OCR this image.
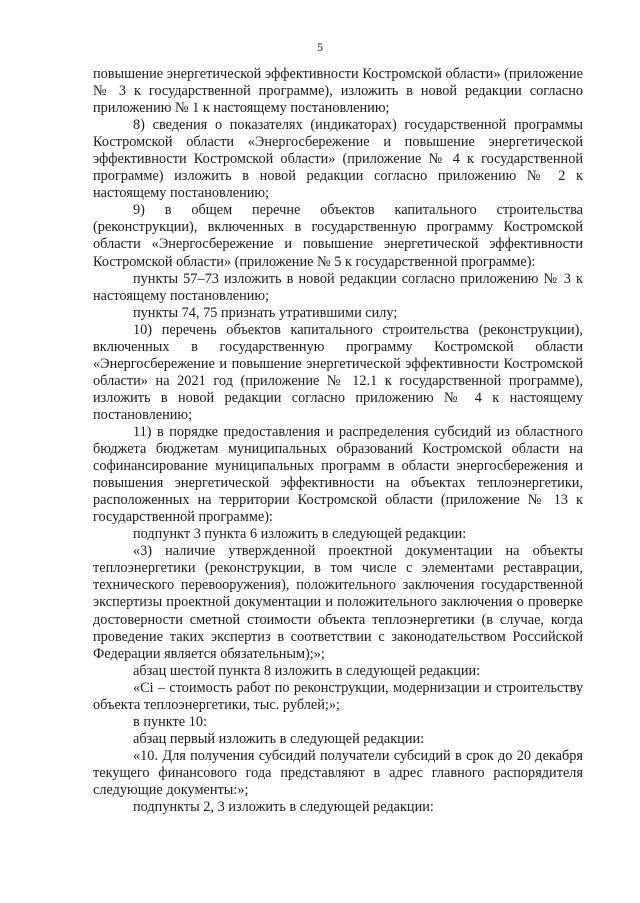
5

повышение энергетической эффективности Костромской области» (приложение № 3 к государственной программе), изложить в новой редакции согласно приложению № 1 к настоящему постановлению;

8) сведения о показателях (индикаторах) государственной программы Костромской области «Энергосбережение и повышение энергетической эффективности Костромской области» (приложение № 4 к государственной программе) изложить в новой редакции согласно приложению № 2 к настоящему постановлению;

9) в общем перечне объектов капитального строительства (реконструкции), включенных в государственную программу Костромской области «Энергосбережение и повышение энергетической эффективности Костромской области» (приложение № 5 к государственной программе):

пункты 57–73 изложить в новой редакции согласно приложению № 3 к настоящему постановлению;

пункты 74, 75 признать утратившими силу;

10) перечень объектов капитального строительства (реконструкции), включенных в государственную программу Костромской области «Энергосбережение и повышение энергетической эффективности Костромской области» на 2021 год (приложение № 12.1 к государственной программе), изложить в новой редакции согласно приложению № 4 к настоящему постановлению;

11) в порядке предоставления и распределения субсидий из областного бюджета бюджетам муниципальных образований Костромской области на софинансирование муниципальных программ в области энергосбережения и повышения энергетической эффективности на объектах теплоэнергетики, расположенных на территории Костромской области (приложение № 13 к государственной программе):

подпункт 3 пункта 6 изложить в следующей редакции:

«3) наличие утвержденной проектной документации на объекты теплоэнергетики (реконструкции, в том числе с элементами реставрации, технического перевооружения), положительного заключения государственной экспертизы проектной документации и положительного заключения о проверке достоверности сметной стоимости объекта теплоэнергетики (в случае, когда проведение таких экспертиз в соответствии с законодательством Российской Федерации является обязательным);»;

абзац шестой пункта 8 изложить в следующей редакции:

«Ci – стоимость работ по реконструкции, модернизации и строительству объекта теплоэнергетики, тыс. рублей;»;

в пункте 10:

абзац первый изложить в следующей редакции:

«10. Для получения субсидий получатели субсидий в срок до 20 декабря текущего финансового года представляют в адрес главного распорядителя следующие документы:»;

подпункты 2, 3 изложить в следующей редакции:
